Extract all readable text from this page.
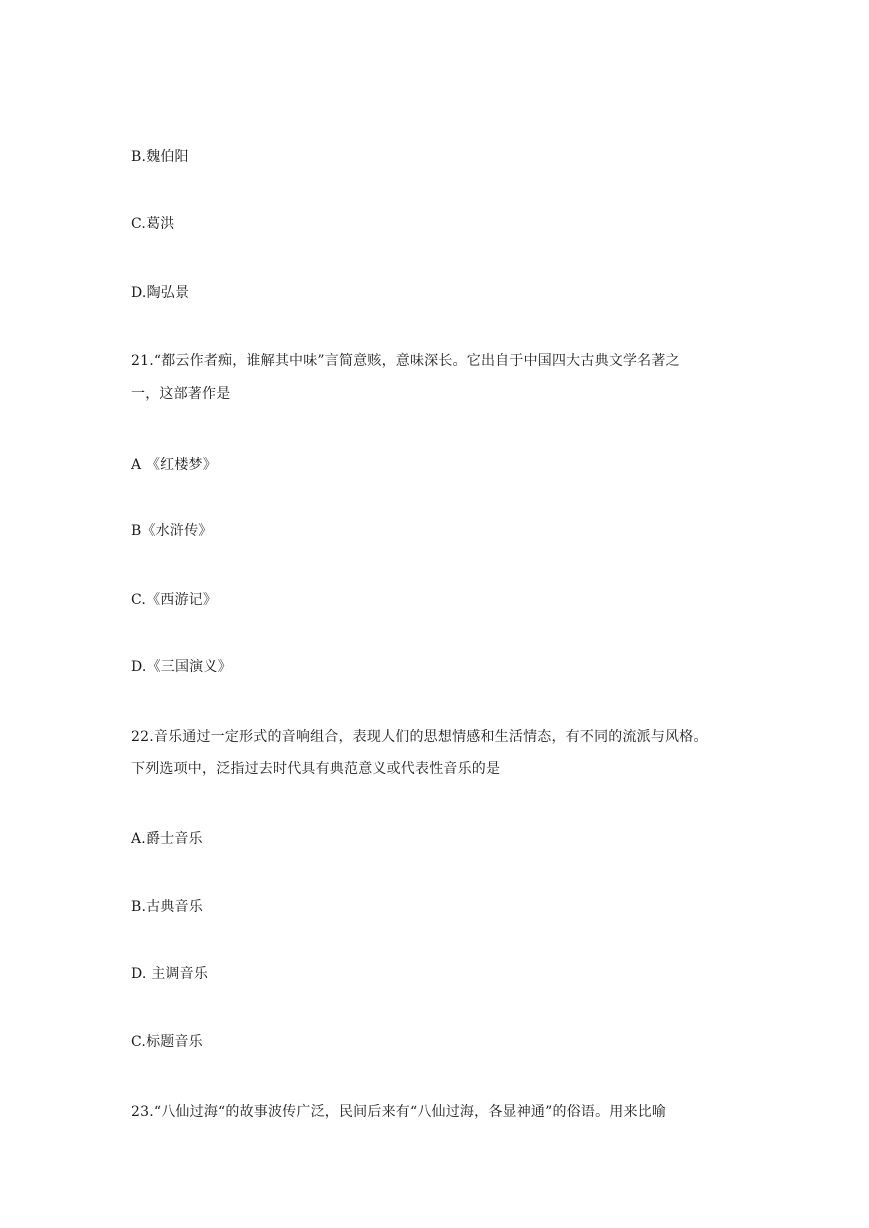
B.魏伯阳
C.葛洪
D.陶弘景
21.“都云作者痴，谁解其中味”言简意赅，意味深长。它出自于中国四大古典文学名著之
一，这部著作是
A 《红楼梦》
B《水浒传》
C.《西游记》
D.《三国演义》
22.音乐通过一定形式的音响组合，表现人们的思想情感和生活情态，有不同的流派与风格。
下列选项中，泛指过去时代具有典范意义或代表性音乐的是
A.爵士音乐
B.古典音乐
D. 主调音乐
C.标题音乐
23.“八仙过海“的故事波传广泛，民间后来有“八仙过海，各显神通”的俗语。用来比喻
